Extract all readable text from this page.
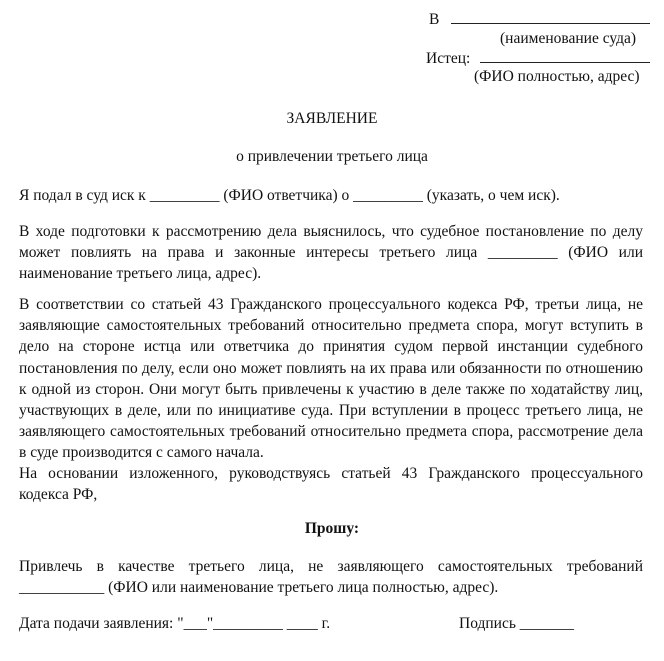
В
(наименование суда)
Истец:
(ФИО полностью, адрес)
ЗАЯВЛЕНИЕ
о привлечении третьего лица

Я подал в суд иск к _________ (ФИО ответчика) о _________ (указать, о чем иск).

В ходе подготовки к рассмотрению дела выяснилось, что судебное постановление по делу может повлиять на права и законные интересы третьего лица _________ (ФИО или наименование третьего лица, адрес).

В соответствии со статьей 43 Гражданского процессуального кодекса РФ, третьи лица, не заявляющие самостоятельных требований относительно предмета спора, могут вступить в дело на стороне истца или ответчика до принятия судом первой инстанции судебного постановления по делу, если оно может повлиять на их права или обязанности по отношению к одной из сторон. Они могут быть привлечены к участию в деле также по ходатайству лиц, участвующих в деле, или по инициативе суда. При вступлении в процесс третьего лица, не заявляющего самостоятельных требований относительно предмета спора, рассмотрение дела в суде производится с самого начала.

На основании изложенного, руководствуясь статьей 43 Гражданского процессуального кодекса РФ,

Прошу:

Привлечь в качестве третьего лица, не заявляющего самостоятельных требований ___________ (ФИО или наименование третьего лица полностью, адрес).

Дата подачи заявления: "___"_________ ____ г.	Подпись _______
